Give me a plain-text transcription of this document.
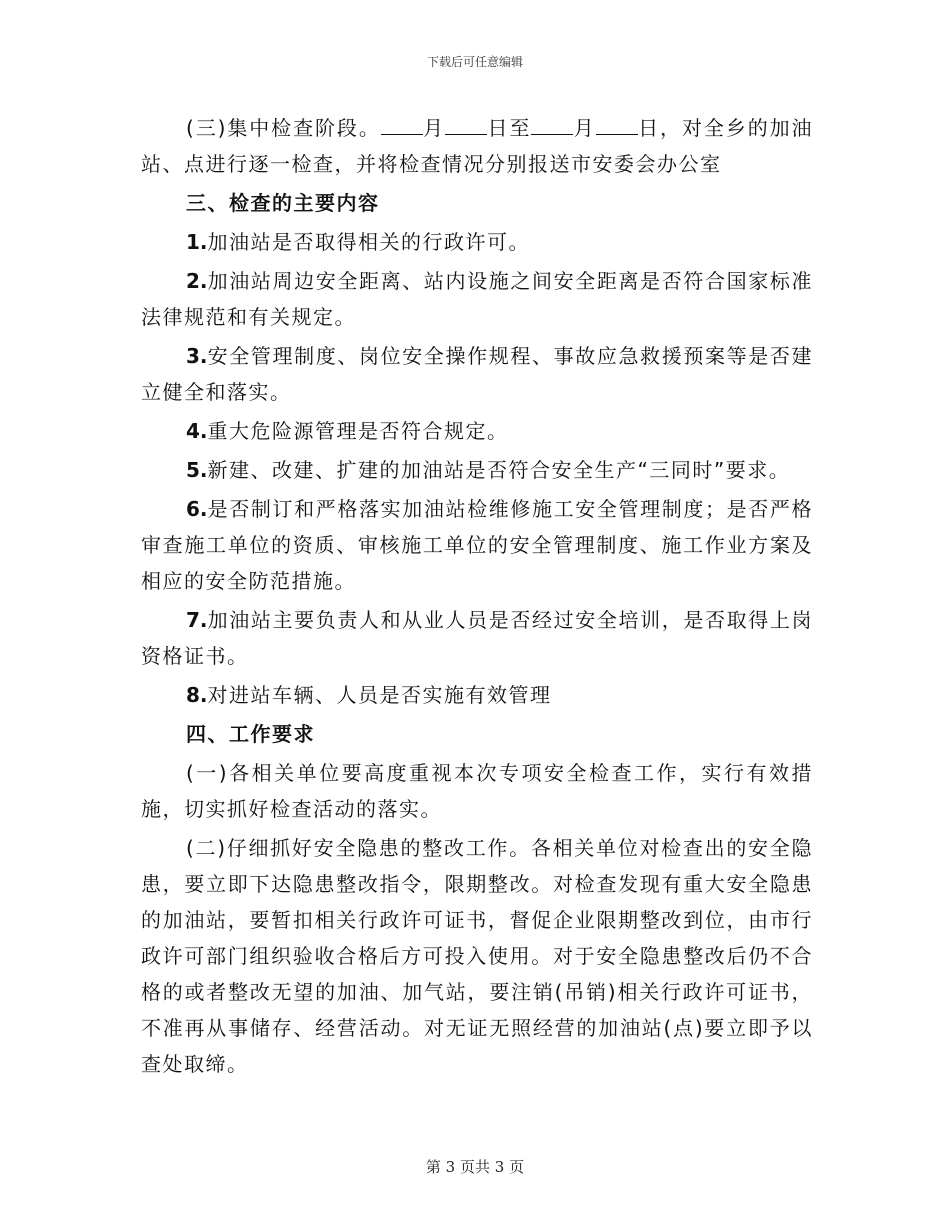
下载后可任意编辑

(三)集中检查阶段。 月 日至 月 日，对全乡的加油站、点进行逐一检查，并将检查情况分别报送市安委会办公室

三、检查的主要内容

1.加油站是否取得相关的行政许可。

2.加油站周边安全距离、站内设施之间安全距离是否符合国家标准法律规范和有关规定。

3.安全管理制度、岗位安全操作规程、事故应急救援预案等是否建立健全和落实。

4.重大危险源管理是否符合规定。

5.新建、改建、扩建的加油站是否符合安全生产“三同时”要求。

6.是否制订和严格落实加油站检维修施工安全管理制度；是否严格审查施工单位的资质、审核施工单位的安全管理制度、施工作业方案及相应的安全防范措施。

7.加油站主要负责人和从业人员是否经过安全培训，是否取得上岗资格证书。

8.对进站车辆、人员是否实施有效管理

四、工作要求

(一)各相关单位要高度重视本次专项安全检查工作，实行有效措施，切实抓好检查活动的落实。

(二)仔细抓好安全隐患的整改工作。各相关单位对检查出的安全隐患，要立即下达隐患整改指令，限期整改。对检查发现有重大安全隐患的加油站，要暂扣相关行政许可证书，督促企业限期整改到位，由市行政许可部门组织验收合格后方可投入使用。对于安全隐患整改后仍不合格的或者整改无望的加油、加气站，要注销(吊销)相关行政许可证书，不准再从事储存、经营活动。对无证无照经营的加油站(点)要立即予以查处取缔。

第 3 页共 3 页
